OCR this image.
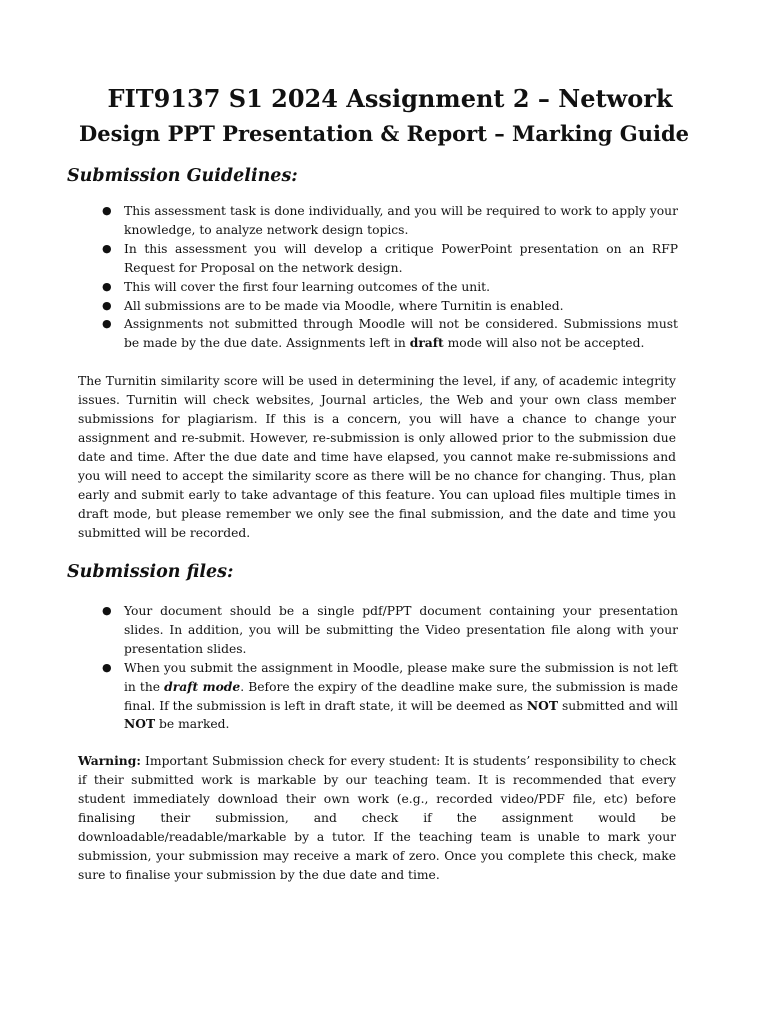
FIT9137 S1 2024 Assignment 2 – Network
Design PPT Presentation & Report – Marking Guide
Submission Guidelines:
● This assessment task is done individually, and you will be required to work to apply your knowledge, to analyze network design topics.
● In this assessment you will develop a critique PowerPoint presentation on an RFP Request for Proposal on the network design.
● This will cover the first four learning outcomes of the unit.
● All submissions are to be made via Moodle, where Turnitin is enabled.
● Assignments not submitted through Moodle will not be considered. Submissions must be made by the due date. Assignments left in draft mode will also not be accepted.

The Turnitin similarity score will be used in determining the level, if any, of academic integrity issues. Turnitin will check websites, Journal articles, the Web and your own class member submissions for plagiarism. If this is a concern, you will have a chance to change your assignment and re-submit. However, re-submission is only allowed prior to the submission due date and time. After the due date and time have elapsed, you cannot make re-submissions and you will need to accept the similarity score as there will be no chance for changing. Thus, plan early and submit early to take advantage of this feature. You can upload files multiple times in draft mode, but please remember we only see the final submission, and the date and time you submitted will be recorded.

Submission files:
● Your document should be a single pdf/PPT document containing your presentation slides. In addition, you will be submitting the Video presentation file along with your presentation slides.
● When you submit the assignment in Moodle, please make sure the submission is not left in the draft mode. Before the expiry of the deadline make sure, the submission is made final. If the submission is left in draft state, it will be deemed as NOT submitted and will NOT be marked.

Warning: Important Submission check for every student: It is students’ responsibility to check if their submitted work is markable by our teaching team. It is recommended that every student immediately download their own work (e.g., recorded video/PDF file, etc) before finalising their submission, and check if the assignment would be downloadable/readable/markable by a tutor. If the teaching team is unable to mark your submission, your submission may receive a mark of zero. Once you complete this check, make sure to finalise your submission by the due date and time.
